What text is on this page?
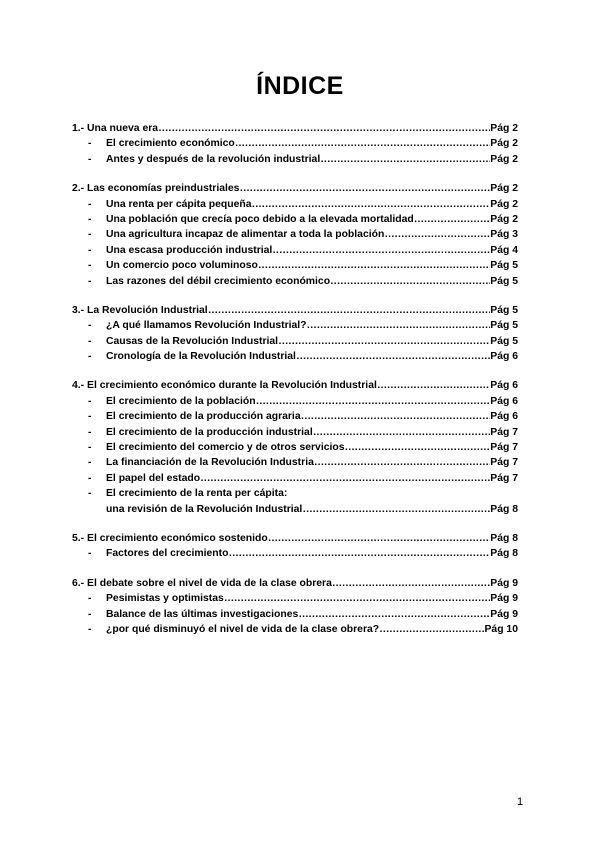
ÍNDICE
1.- Una nueva era ……………………………………………………………………………………………………………………………………	Pág 2
-	El crecimiento económico ……………………………………………………………………………………………………………………………………	Pág 2
-	Antes y después de la revolución industrial ……………………………………………………………………………………………………………………………………	Pág 2
2.- Las economías preindustriales ……………………………………………………………………………………………………………………………………	Pág 2
-	Una renta per cápita pequeña ……………………………………………………………………………………………………………………………………	Pág 2
-	Una población que crecía poco debido a la elevada mortalidad ……………………………………………………………………………………………………………………………………	Pág 2
-	Una agricultura incapaz de alimentar a toda la población ……………………………………………………………………………………………………………………………………	Pág 3
-	Una escasa producción industrial ……………………………………………………………………………………………………………………………………	Pág 4
-	Un comercio poco voluminoso ……………………………………………………………………………………………………………………………………	Pág 5
-	Las razones del débil crecimiento económico ……………………………………………………………………………………………………………………………………	Pág 5
3.- La Revolución Industrial ……………………………………………………………………………………………………………………………………	Pág 5
-	¿A qué llamamos Revolución Industrial? ……………………………………………………………………………………………………………………………………	Pág 5
-	Causas de la Revolución Industrial ……………………………………………………………………………………………………………………………………	Pág 5
-	Cronología de la Revolución Industrial ……………………………………………………………………………………………………………………………………	Pág 6
4.- El crecimiento económico durante la Revolución Industrial ……………………………………………………………………………………………………………………………………	Pág 6
-	El crecimiento de la población ……………………………………………………………………………………………………………………………………	Pág 6
-	El crecimiento de la producción agraria ……………………………………………………………………………………………………………………………………	Pág 6
-	El crecimiento de la producción industrial ……………………………………………………………………………………………………………………………………	Pág 7
-	El crecimiento del comercio y de otros servicios ……………………………………………………………………………………………………………………………………	Pág 7
-	La financiación de la Revolución Industria ……………………………………………………………………………………………………………………………………	Pág 7
-	El papel del estado ……………………………………………………………………………………………………………………………………	Pág 7
-	El crecimiento de la renta per cápita:
una revisión de la Revolución Industrial ……………………………………………………………………………………………………………………………………	Pág 8
5.- El crecimiento económico sostenido ……………………………………………………………………………………………………………………………………	Pág 8
-	Factores del crecimiento ……………………………………………………………………………………………………………………………………	Pág 8
6.- El debate sobre el nivel de vida de la clase obrera ……………………………………………………………………………………………………………………………………	Pág 9
-	Pesimistas y optimistas ……………………………………………………………………………………………………………………………………	Pág 9
-	Balance de las últimas investigaciones ……………………………………………………………………………………………………………………………………	Pág 9
-	¿por qué disminuyó el nivel de vida de la clase obrera? ……………………………………………………………………………………………………………………………………	Pág 10
1
